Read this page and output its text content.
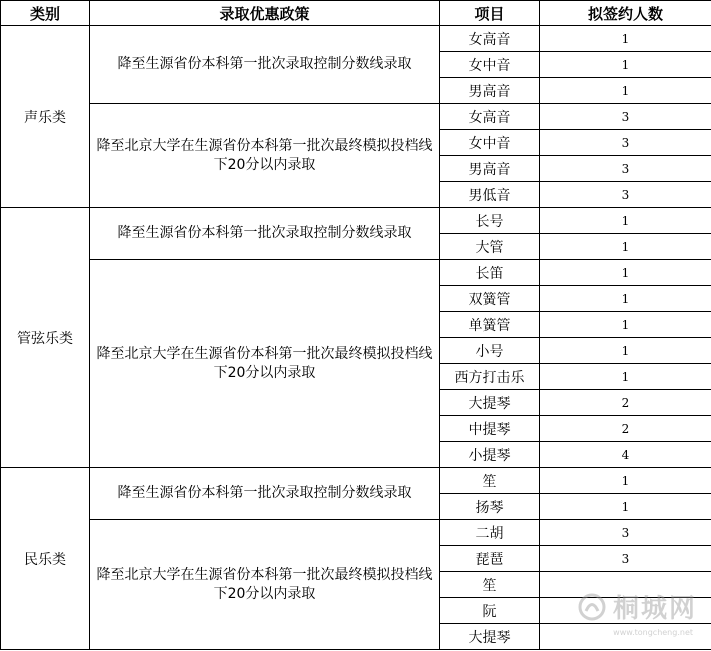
类别	录取优惠政策	项目	拟签约人数
声乐类	降至生源省份本科第一批次录取控制分数线录取	女高音	1
		女中音	1
		男高音	1
	降至北京大学在生源省份本科第一批次最终模拟投档线下20分以内录取	女高音	3
		女中音	3
		男高音	3
		男低音	3
管弦乐类	降至生源省份本科第一批次录取控制分数线录取	长号	1
		大管	1
	降至北京大学在生源省份本科第一批次最终模拟投档线下20分以内录取	长笛	1
		双簧管	1
		单簧管	1
		小号	1
		西方打击乐	1
		大提琴	2
		中提琴	2
		小提琴	4
民乐类	降至生源省份本科第一批次录取控制分数线录取	笙	1
		扬琴	1
	降至北京大学在生源省份本科第一批次最终模拟投档线下20分以内录取	二胡	3
		琵琶	3
		笙	
		阮	
		大提琴	
桐城网
www.tongcheng.net
